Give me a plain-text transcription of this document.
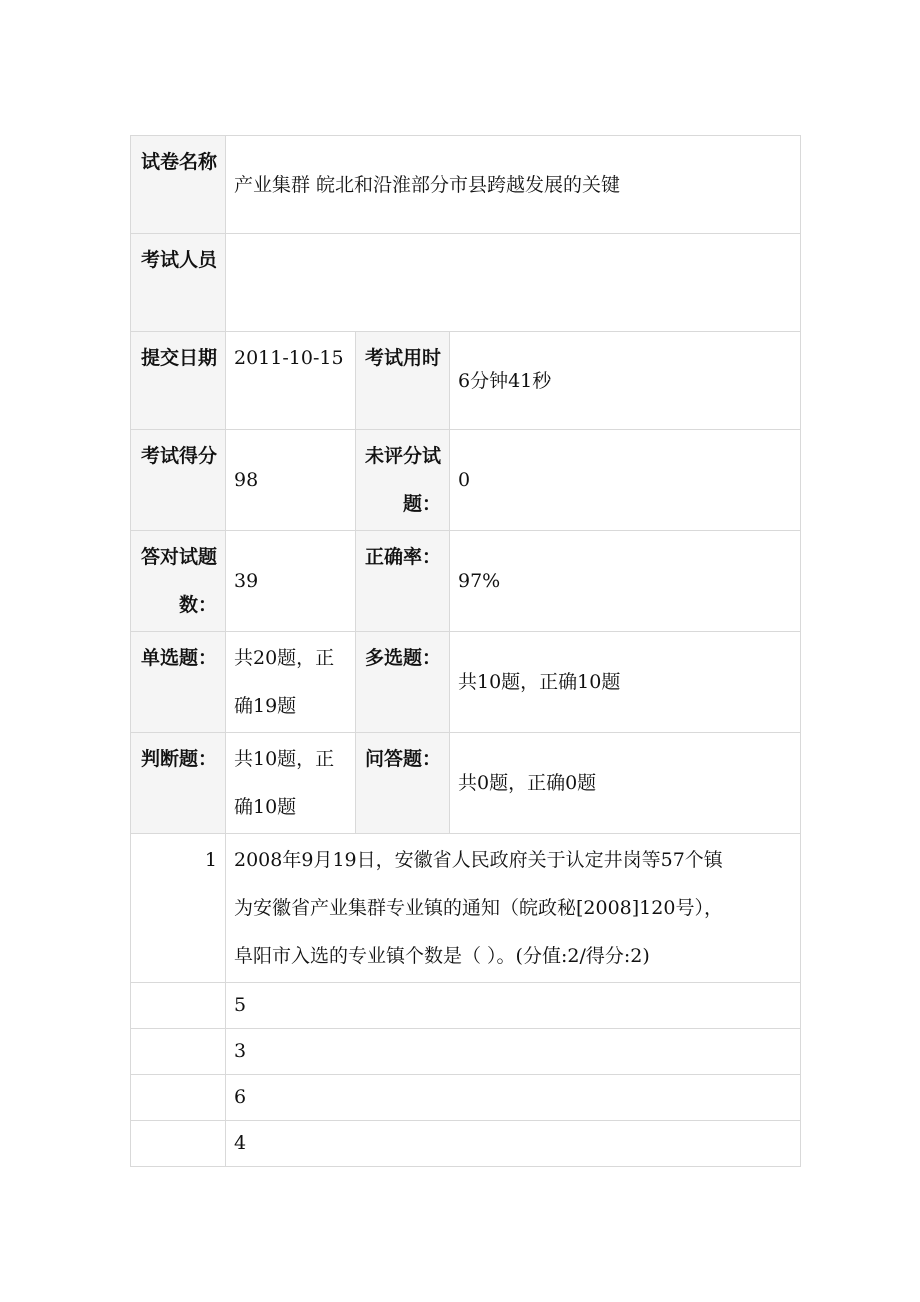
试卷名称	产业集群 皖北和沿淮部分市县跨越发展的关键		
考试人员			
提交日期	2011-10-15	考试用时	6分钟41秒
考试得分	98	未评分试题：	0
答对试题数：	39	正确率：	97%
单选题：	共20题，正确19题	多选题：	共10题，正确10题
判断题：	共10题，正确10题	问答题：	共0题，正确0题
1	2008年9月19日，安徽省人民政府关于认定井岗等57个镇
为安徽省产业集群专业镇的通知（皖政秘[2008]120号），
阜阳市入选的专业镇个数是（ ）。(分值:2/得分:2)		

	5		
	3		
	6		
	4		
